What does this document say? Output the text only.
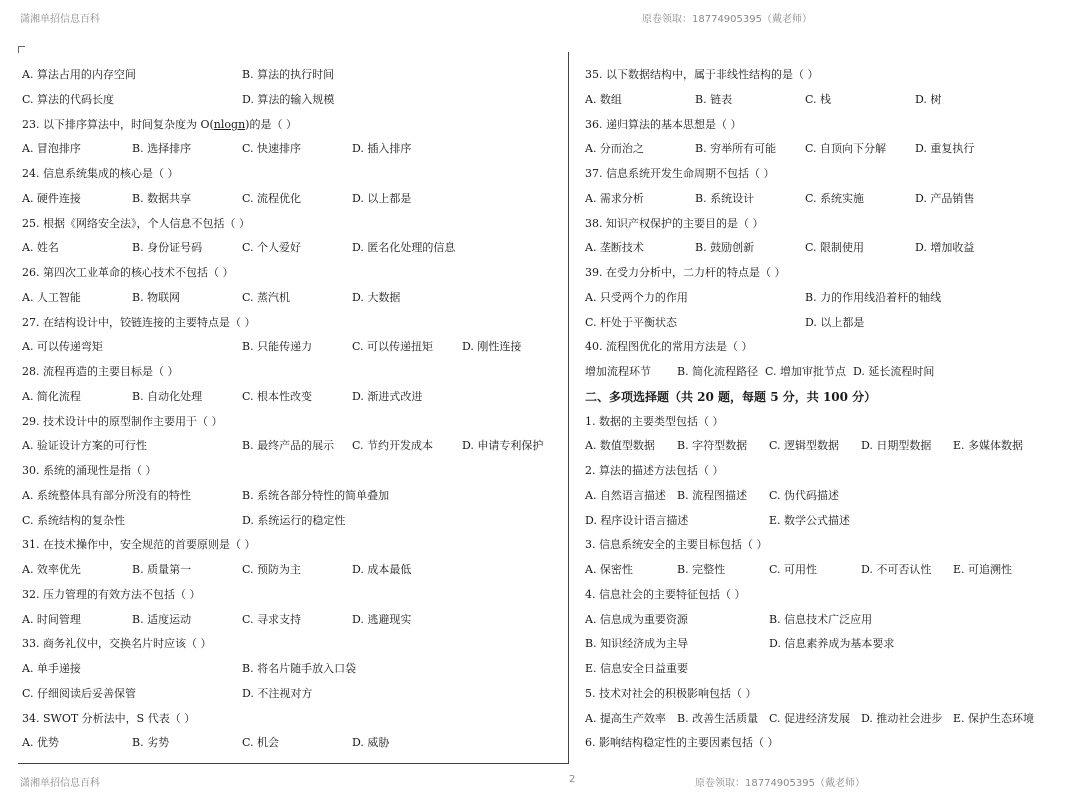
潇湘单招信息百科	原卷领取：18774905395（戴老师）
A. 算法占用的内存空间	B. 算法的执行时间
C. 算法的代码长度	D. 算法的输入规模
23. 以下排序算法中，时间复杂度为 O(nlogn)的是（ ）
A. 冒泡排序	B. 选择排序	C. 快速排序	D. 插入排序
24. 信息系统集成的核心是（ ）
A. 硬件连接	B. 数据共享	C. 流程优化	D. 以上都是
25. 根据《网络安全法》，个人信息不包括（ ）
A. 姓名	B. 身份证号码	C. 个人爱好	D. 匿名化处理的信息
26. 第四次工业革命的核心技术不包括（ ）
A. 人工智能	B. 物联网	C. 蒸汽机	D. 大数据
27. 在结构设计中，铰链连接的主要特点是（ ）
A. 可以传递弯矩	B. 只能传递力	C. 可以传递扭矩	D. 刚性连接
28. 流程再造的主要目标是（ ）
A. 简化流程	B. 自动化处理	C. 根本性改变	D. 渐进式改进
29. 技术设计中的原型制作主要用于（ ）
A. 验证设计方案的可行性	B. 最终产品的展示 C. 节约开发成本	D. 申请专利保护
30. 系统的涌现性是指（ ）
A. 系统整体具有部分所没有的特性	B. 系统各部分特性的简单叠加
C. 系统结构的复杂性	D. 系统运行的稳定性
31. 在技术操作中，安全规范的首要原则是（ ）
A. 效率优先	B. 质量第一	C. 预防为主	D. 成本最低
32. 压力管理的有效方法不包括（ ）
A. 时间管理	B. 适度运动	C. 寻求支持	D. 逃避现实
33. 商务礼仪中，交换名片时应该（ ）
A. 单手递接	B. 将名片随手放入口袋
C. 仔细阅读后妥善保管	D. 不注视对方
34. SWOT 分析法中，S 代表（ ）
A. 优势	B. 劣势	C. 机会	D. 威胁
35. 以下数据结构中，属于非线性结构的是（ ）
A. 数组	B. 链表	C. 栈	D. 树
36. 递归算法的基本思想是（ ）
A. 分而治之	B. 穷举所有可能	C. 自顶向下分解	D. 重复执行
37. 信息系统开发生命周期不包括（ ）
A. 需求分析	B. 系统设计	C. 系统实施	D. 产品销售
38. 知识产权保护的主要目的是（ ）
A. 垄断技术	B. 鼓励创新	C. 限制使用	D. 增加收益
39. 在受力分析中，二力杆的特点是（ ）
A. 只受两个力的作用	B. 力的作用线沿着杆的轴线
C. 杆处于平衡状态	D. 以上都是
40. 流程图优化的常用方法是（ ）
增加流程环节 B. 简化流程路径 C. 增加审批节点 D. 延长流程时间
二、多项选择题（共 20 题，每题 5 分，共 100 分）
1. 数据的主要类型包括（ ）
A. 数值型数据 B. 字符型数据 C. 逻辑型数据 D. 日期型数据 E. 多媒体数据
2. 算法的描述方法包括（ ）
A. 自然语言描述 B. 流程图描述 C. 伪代码描述
D. 程序设计语言描述	E. 数学公式描述
3. 信息系统安全的主要目标包括（ ）
A. 保密性	B. 完整性	C. 可用性	D. 不可否认性 E. 可追溯性
4. 信息社会的主要特征包括（ ）
A. 信息成为重要资源	B. 信息技术广泛应用
B. 知识经济成为主导	D. 信息素养成为基本要求
E. 信息安全日益重要
5. 技术对社会的积极影响包括（ ）
A. 提高生产效率 B. 改善生活质量 C. 促进经济发展 D. 推动社会进步 E. 保护生态环境
6. 影响结构稳定性的主要因素包括（ ）
潇湘单招信息百科	2	原卷领取：18774905395（戴老师）
